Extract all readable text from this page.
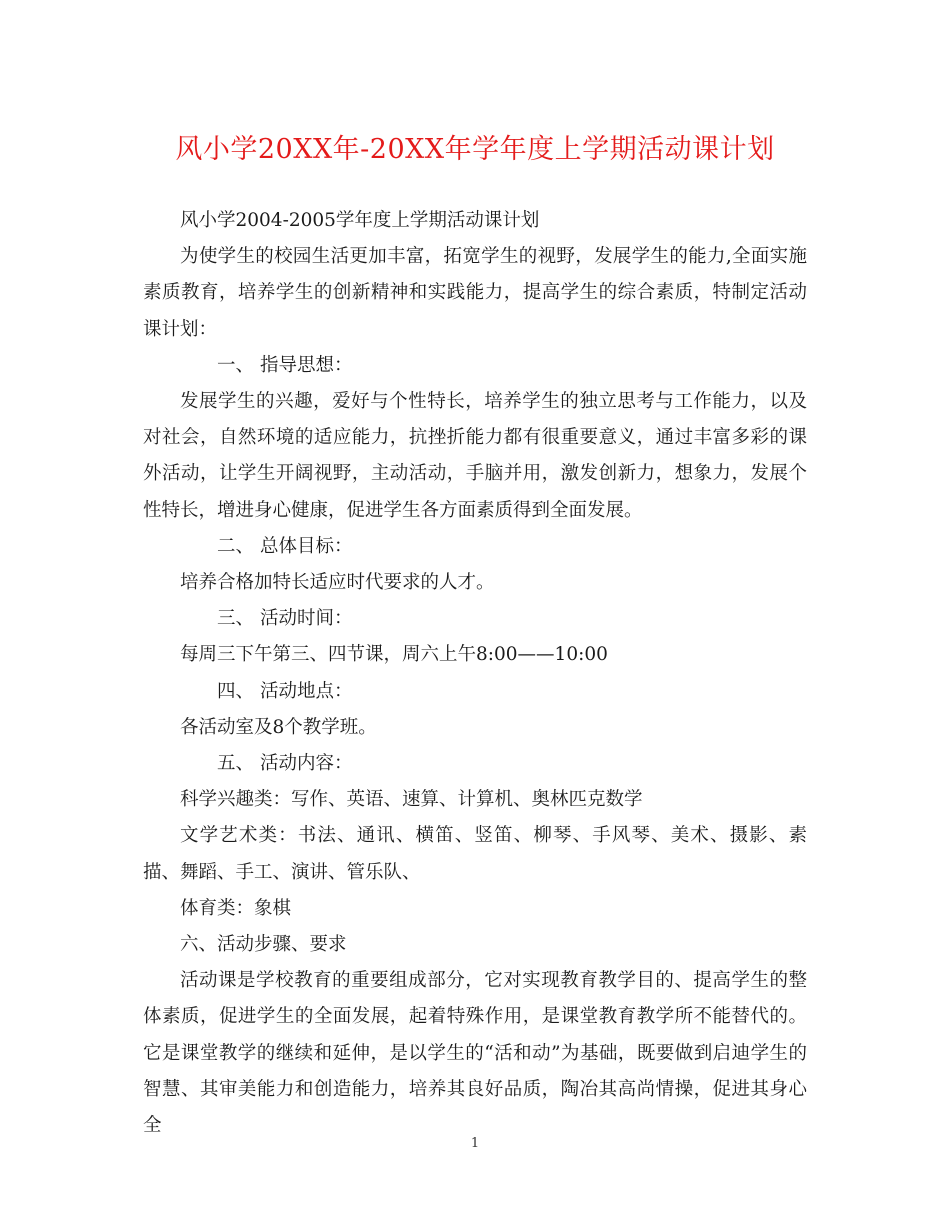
风小学20XX年-20XX年学年度上学期活动课计划

风小学2004-2005学年度上学期活动课计划

为使学生的校园生活更加丰富，拓宽学生的视野，发展学生的能力,全面实施素质教育，培养学生的创新精神和实践能力，提高学生的综合素质，特制定活动课计划：

一、 指导思想：

发展学生的兴趣，爱好与个性特长，培养学生的独立思考与工作能力，以及对社会，自然环境的适应能力，抗挫折能力都有很重要意义，通过丰富多彩的课外活动，让学生开阔视野，主动活动，手脑并用，激发创新力，想象力，发展个性特长，增进身心健康，促进学生各方面素质得到全面发展。

二、 总体目标：

培养合格加特长适应时代要求的人才。

三、 活动时间：

每周三下午第三、四节课，周六上午8:00——10:00

四、 活动地点：

各活动室及8个教学班。

五、 活动内容：

科学兴趣类：写作、英语、速算、计算机、奥林匹克数学

文学艺术类：书法、通讯、横笛、竖笛、柳琴、手风琴、美术、摄影、素描、舞蹈、手工、演讲、管乐队、

体育类：象棋

六、活动步骤、要求

活动课是学校教育的重要组成部分，它对实现教育教学目的、提高学生的整体素质，促进学生的全面发展，起着特殊作用，是课堂教育教学所不能替代的。它是课堂教学的继续和延伸，是以学生的“活和动”为基础，既要做到启迪学生的智慧、其审美能力和创造能力，培养其良好品质，陶冶其高尚情操，促进其身心全

1
